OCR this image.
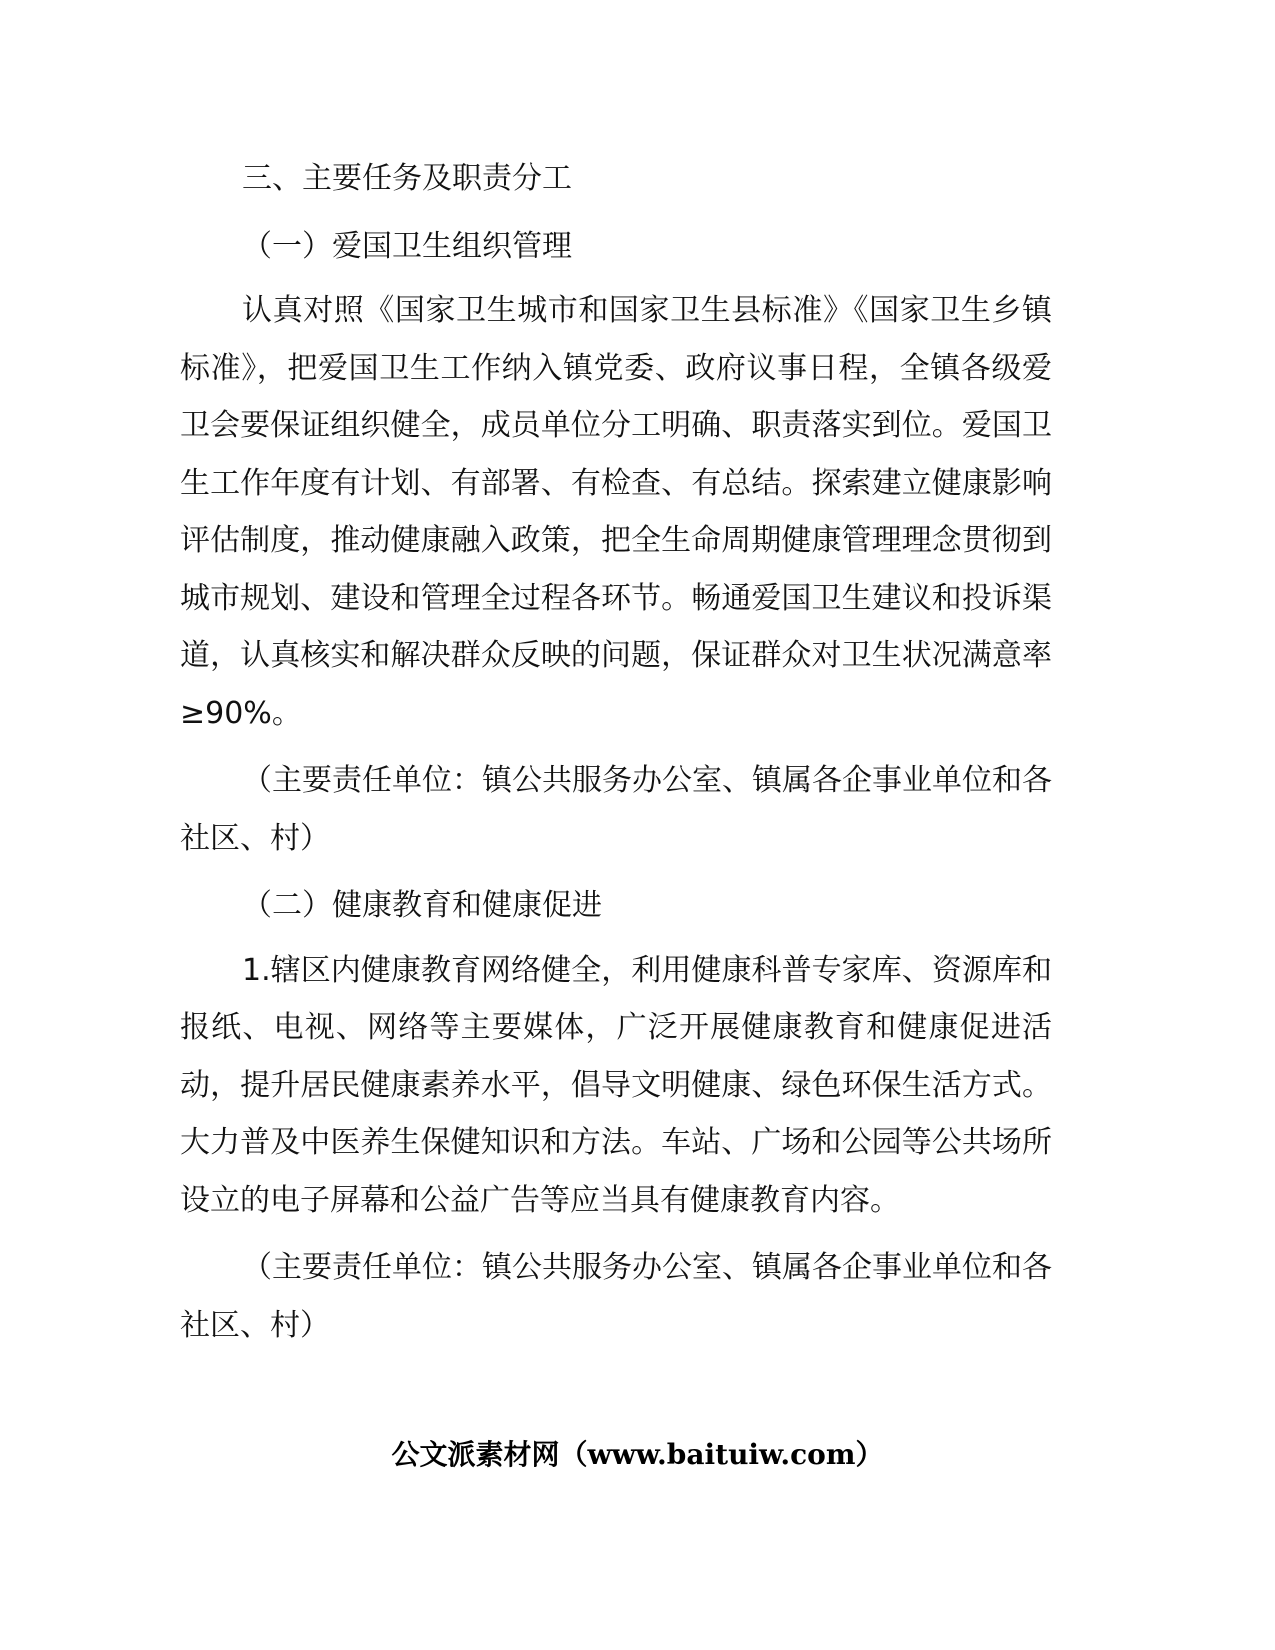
三、主要任务及职责分工

（一）爱国卫生组织管理

认真对照《国家卫生城市和国家卫生县标准》《国家卫生乡镇标准》，把爱国卫生工作纳入镇党委、政府议事日程，全镇各级爱卫会要保证组织健全，成员单位分工明确、职责落实到位。爱国卫生工作年度有计划、有部署、有检查、有总结。探索建立健康影响评估制度，推动健康融入政策，把全生命周期健康管理理念贯彻到城市规划、建设和管理全过程各环节。畅通爱国卫生建议和投诉渠道，认真核实和解决群众反映的问题，保证群众对卫生状况满意率≥90%。

（主要责任单位：镇公共服务办公室、镇属各企事业单位和各社区、村）

（二）健康教育和健康促进

1.辖区内健康教育网络健全，利用健康科普专家库、资源库和报纸、电视、网络等主要媒体，广泛开展健康教育和健康促进活动，提升居民健康素养水平，倡导文明健康、绿色环保生活方式。大力普及中医养生保健知识和方法。车站、广场和公园等公共场所设立的电子屏幕和公益广告等应当具有健康教育内容。

（主要责任单位：镇公共服务办公室、镇属各企事业单位和各社区、村）

公文派素材网（www.baituiw.com）
